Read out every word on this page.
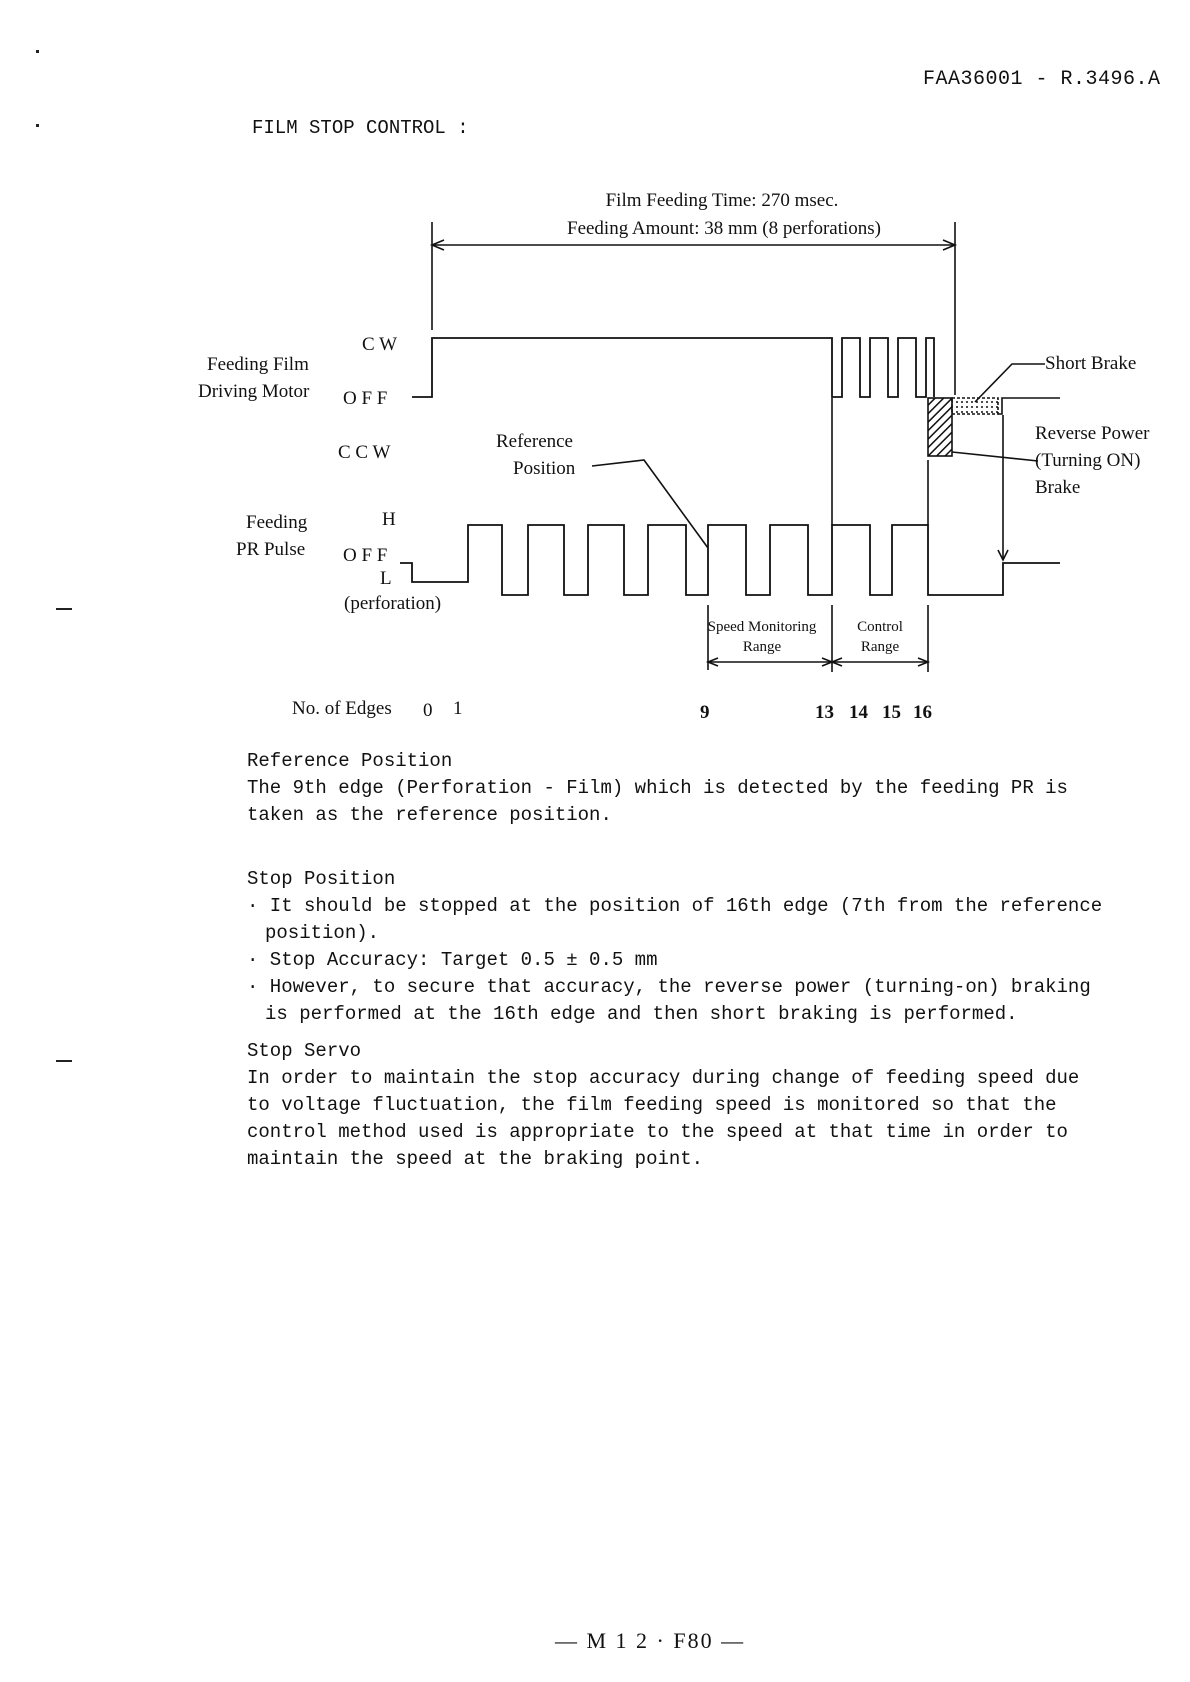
FAA36001 - R.3496.A
FILM STOP CONTROL :
Film Feeding Time: 270 msec.
Feeding Amount: 38 mm (8 perforations)
Feeding Film
Driving Motor
C W
O F F
C C W
Reference
Position
Feeding
PR Pulse
H
O F F
L
(perforation)
Short Brake
Reverse Power
(Turning ON)
Brake
Speed Monitoring
Range
Control
Range
No. of Edges 0 1	9	13 14 15 16

Reference Position

The 9th edge (Perforation - Film) which is detected by the feeding PR is taken as the reference position.

Stop Position

· It should be stopped at the position of 16th edge (7th from the reference position).

· Stop Accuracy: Target 0.5 ± 0.5 mm

· However, to secure that accuracy, the reverse power (turning-on) braking is performed at the 16th edge and then short braking is performed.

Stop Servo

In order to maintain the stop accuracy during change of feeding speed due to voltage fluctuation, the film feeding speed is monitored so that the control method used is appropriate to the speed at that time in order to maintain the speed at the braking point.

— M 1 2 · F80 —
